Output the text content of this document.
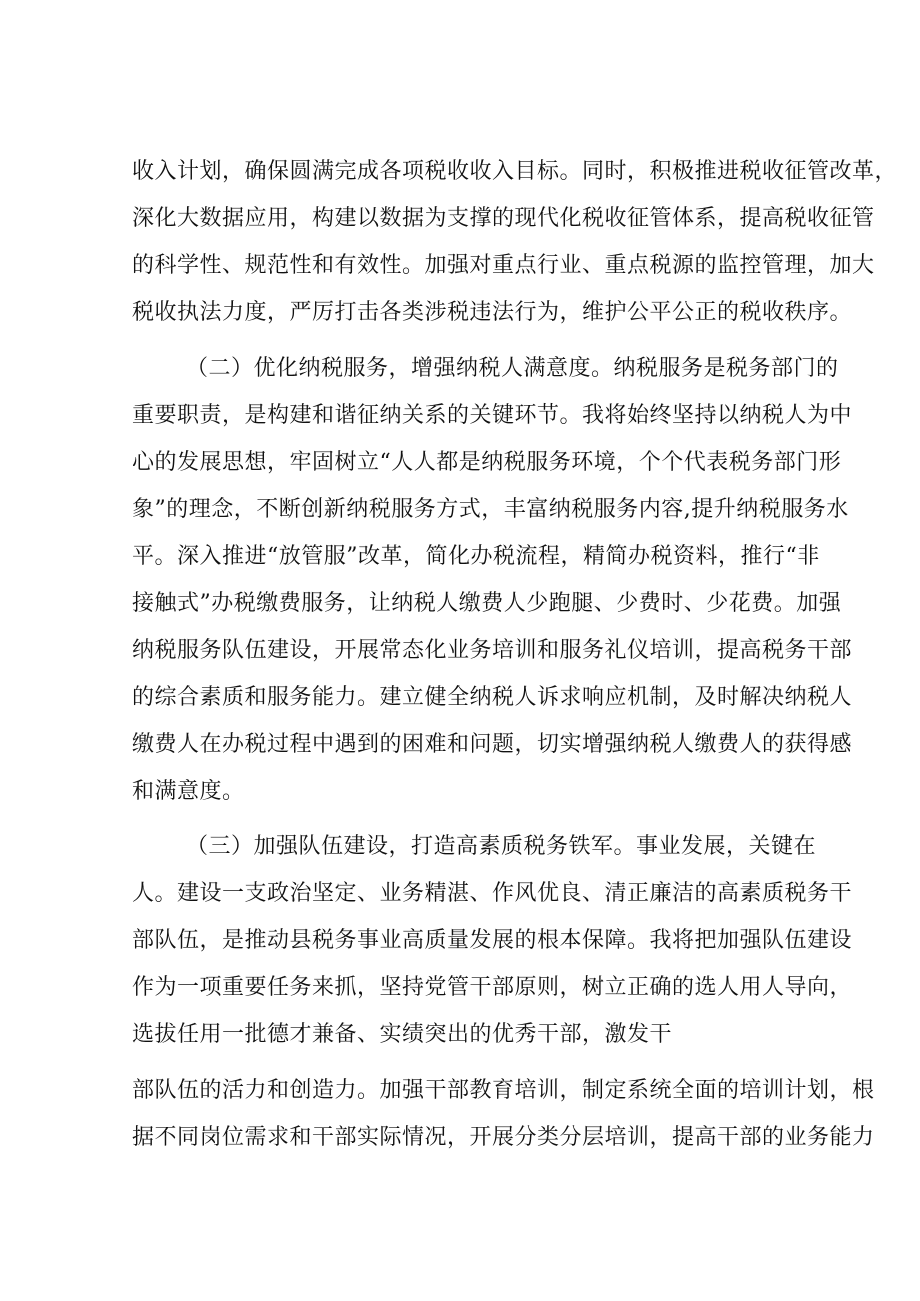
收入计划，确保圆满完成各项税收收入目标。同时，积极推进税收征管改革，

深化大数据应用，构建以数据为支撑的现代化税收征管体系，提高税收征管

的科学性、规范性和有效性。加强对重点行业、重点税源的监控管理，加大

税收执法力度，严厉打击各类涉税违法行为，维护公平公正的税收秩序。

（二）优化纳税服务，增强纳税人满意度。纳税服务是税务部门的

重要职责，是构建和谐征纳关系的关键环节。我将始终坚持以纳税人为中

心的发展思想，牢固树立“人人都是纳税服务环境，个个代表税务部门形

象”的理念，不断创新纳税服务方式，丰富纳税服务内容,提升纳税服务水

平。深入推进“放管服”改革，简化办税流程，精简办税资料，推行“非

接触式”办税缴费服务，让纳税人缴费人少跑腿、少费时、少花费。加强

纳税服务队伍建设，开展常态化业务培训和服务礼仪培训，提高税务干部

的综合素质和服务能力。建立健全纳税人诉求响应机制，及时解决纳税人

缴费人在办税过程中遇到的困难和问题，切实增强纳税人缴费人的获得感

和满意度。

（三）加强队伍建设，打造高素质税务铁军。事业发展，关键在

人。建设一支政治坚定、业务精湛、作风优良、清正廉洁的高素质税务干

部队伍，是推动县税务事业高质量发展的根本保障。我将把加强队伍建设

作为一项重要任务来抓，坚持党管干部原则，树立正确的选人用人导向，

选拔任用一批德才兼备、实绩突出的优秀干部，激发干

部队伍的活力和创造力。加强干部教育培训，制定系统全面的培训计划，根

据不同岗位需求和干部实际情况，开展分类分层培训，提高干部的业务能力
